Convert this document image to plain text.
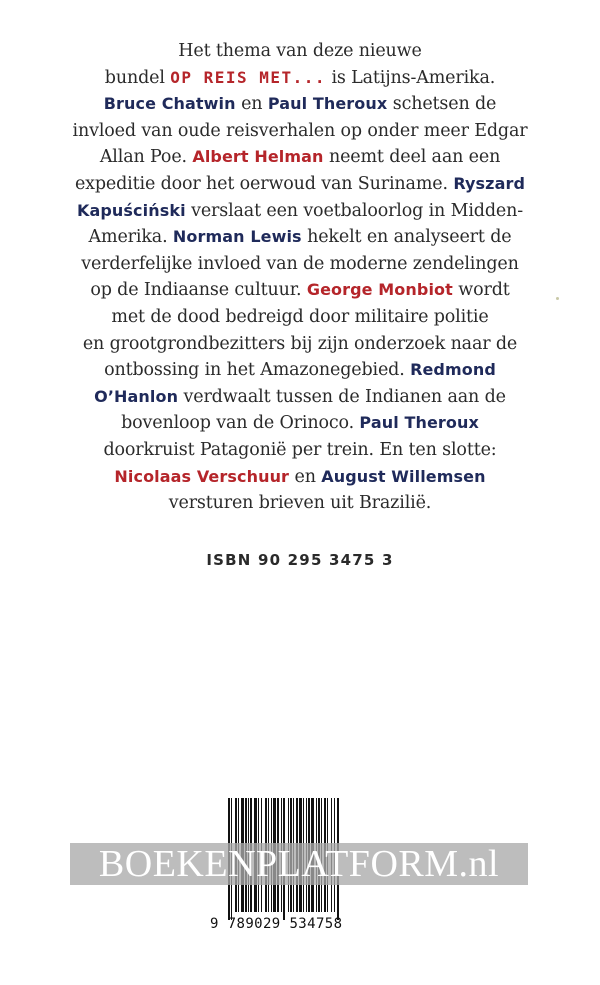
Het thema van deze nieuwe
bundel OP REIS MET... is Latijns-Amerika.
Bruce Chatwin en Paul Theroux schetsen de
invloed van oude reisverhalen op onder meer Edgar
Allan Poe. Albert Helman neemt deel aan een
expeditie door het oerwoud van Suriname. Ryszard
Kapuściński verslaat een voetbaloorlog in Midden-
Amerika. Norman Lewis hekelt en analyseert de
verderfelijke invloed van de moderne zendelingen
op de Indiaanse cultuur. George Monbiot wordt
met de dood bedreigd door militaire politie
en grootgrondbezitters bij zijn onderzoek naar de
ontbossing in het Amazonegebied. Redmond
O’Hanlon verdwaalt tussen de Indianen aan de
bovenloop van de Orinoco. Paul Theroux
doorkruist Patagonië per trein. En ten slotte:
Nicolaas Verschuur en August Willemsen
versturen brieven uit Brazilië.
ISBN 90 295 3475 3
9 789029 534758
BOEKENPLATFORM.nl
